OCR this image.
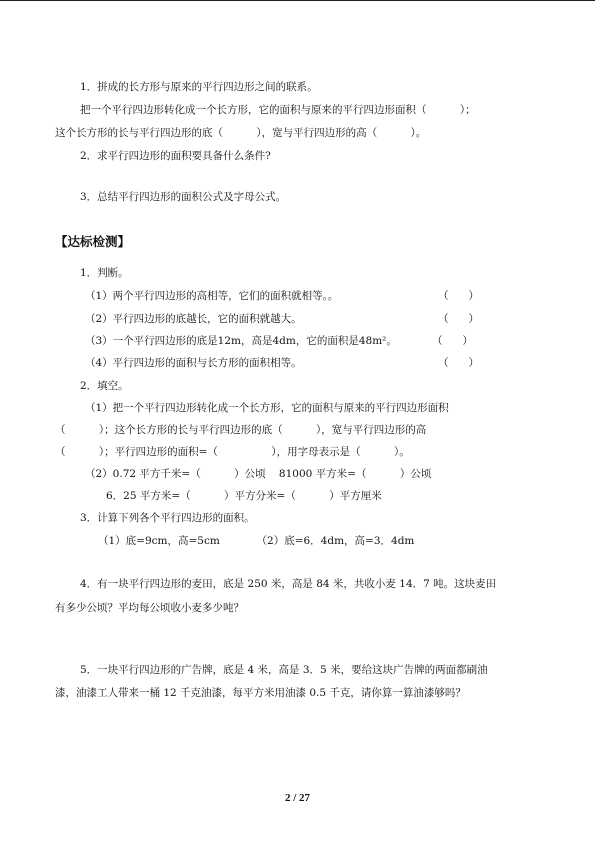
1．拼成的长方形与原来的平行四边形之间的联系。
把一个平行四边形转化成一个长方形，它的面积与原来的平行四边形面积（          ）；
这个长方形的长与平行四边形的底（          ），宽与平行四边形的高（          ）。
2．求平行四边形的面积要具备什么条件?
3．总结平行四边形的面积公式及字母公式。
【达标检测】
1．判断。
（1）两个平行四边形的高相等，它们的面积就相等。。	（      ）
（2）平行四边形的底越长，它的面积就越大。	（      ）
（3）一个平行四边形的底是12m，高是4dm，它的面积是48m²。	（      ）
（4）平行四边形的面积与长方形的面积相等。	（      ）
2．填空。
（1）把一个平行四边形转化成一个长方形，它的面积与原来的平行四边形面积
（          ）；这个长方形的长与平行四边形的底（          ），宽与平行四边形的高
（          ）；平行四边形的面积=（                ），用字母表示是（          ）。
（2）0.72 平方千米=（          ）公顷    81000 平方米=（          ）公顷
6．25 平方米=（          ）平方分米=（          ）平方厘米
3．计算下列各个平行四边形的面积。
（1）底=9cm，高=5cm           （2）底=6．4dm，高=3．4dm
4．有一块平行四边形的麦田，底是 250 米，高是 84 米，共收小麦 14．7 吨。这块麦田
有多少公顷？平均每公顷收小麦多少吨？
5．一块平行四边形的广告牌，底是 4 米，高是 3．5 米，要给这块广告牌的两面都刷油
漆，油漆工人带来一桶 12 千克油漆，每平方米用油漆 0.5 千克，请你算一算油漆够吗？
2 / 27
